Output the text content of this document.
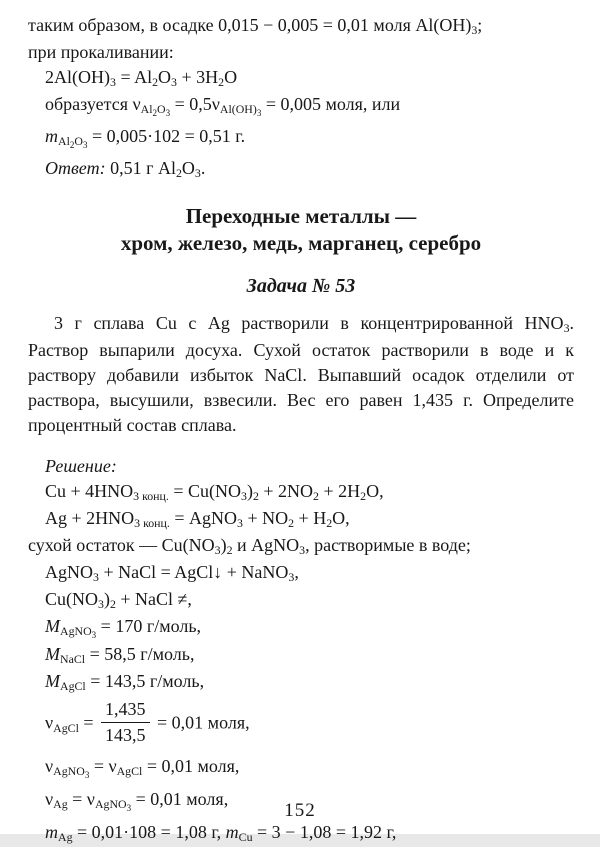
таким образом, в осадке 0,015 − 0,005 = 0,01 моля Al(OH)3;
при прокаливании:
2Al(OH)3 = Al2O3 + 3H2O
образуется $\nu Al_2O_3 = 0,5\nu Al(OH)_3 = 0,005$ моля, или
$mAl_2O_3 = 0,005\cdot 102 = 0,51$ г.
Ответ: 0,51 г Al2O3.
Переходные металлы —
хром, железо, медь, марганец, серебро
Задача № 53

3 г сплава Cu с Ag растворили в концентрированной HNO3. Раствор выпарили досуха. Сухой остаток растворили в воде и к раствору добавили избыток NaCl. Выпавший осадок отделили от раствора, высушили, взвесили. Вес его равен 1,435 г. Определите процентный состав сплава.

Решение:
Cu + 4HNO3 конц. = Cu(NO3)2 + 2NO2 + 2H2O,
Ag + 2HNO3 конц. = AgNO3 + NO2 + H2O,
сухой остаток — Cu(NO3)2 и AgNO3, растворимые в воде;
AgNO3 + NaCl = AgCl↓ + NaNO3,
Cu(NO3)2 + NaCl ≠,
MAgNO$_3$ = 170 г/моль,
MNaCl = 58,5 г/моль,
MAgCl = 143,5 г/моль,
νAgCl = $\frac{1,435}{143,5} = 0,01$ моля,
νAgNO$_3$ = νAgCl = 0,01 моля,
νAg = νAgNO$_3$ = 0,01 моля,
mAg = 0,01·108 = 1,08 г, mCu = 3 − 1,08 = 1,92 г,
152
